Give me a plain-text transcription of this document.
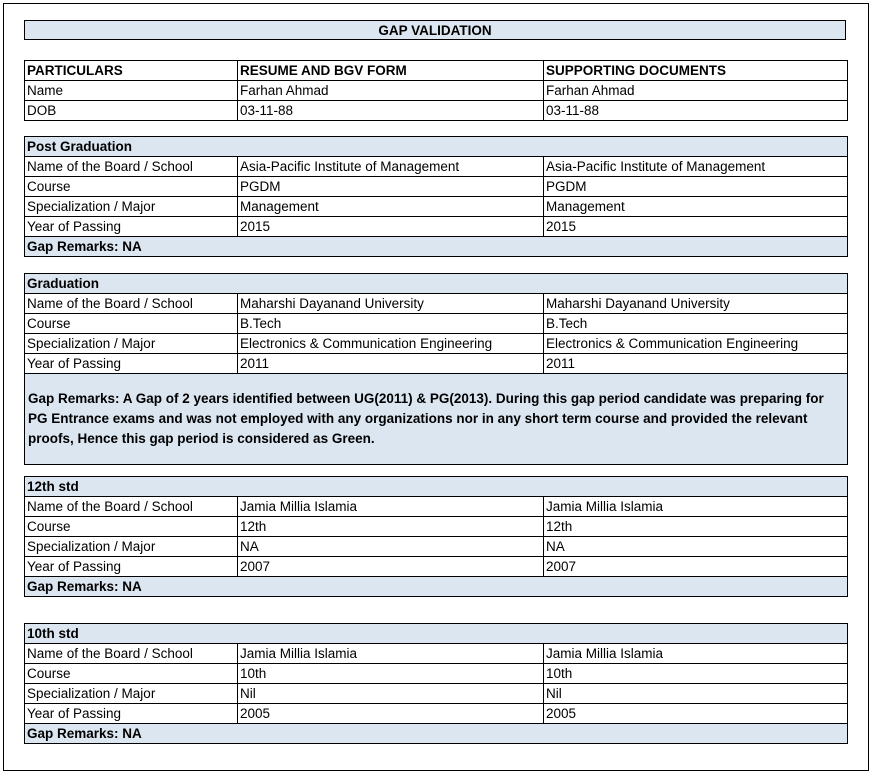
GAP VALIDATION
PARTICULARS	RESUME AND BGV FORM	SUPPORTING DOCUMENTS
Name	Farhan Ahmad	Farhan Ahmad
DOB	03-11-88	03-11-88
Post Graduation		
Name of the Board / School	Asia-Pacific Institute of Management	Asia-Pacific Institute of Management
Course	PGDM	PGDM
Specialization / Major	Management	Management
Year of Passing	2015	2015
Gap Remarks: NA		
Graduation		
Name of the Board / School	Maharshi Dayanand University	Maharshi Dayanand University
Course	B.Tech	B.Tech
Specialization / Major	Electronics & Communication Engineering	Electronics & Communication Engineering
Year of Passing	2011	2011
Gap Remarks: A Gap of 2 years identified between UG(2011) & PG(2013). During this gap period candidate was preparing for PG Entrance exams and was not employed with any organizations nor in any short term course and provided the relevant proofs, Hence this gap period is considered as Green.		
12th std		
Name of the Board / School	Jamia Millia Islamia	Jamia Millia Islamia
Course	12th	12th
Specialization / Major	NA	NA
Year of Passing	2007	2007
Gap Remarks: NA		
10th std		
Name of the Board / School	Jamia Millia Islamia	Jamia Millia Islamia
Course	10th	10th
Specialization / Major	Nil	Nil
Year of Passing	2005	2005
Gap Remarks: NA		
